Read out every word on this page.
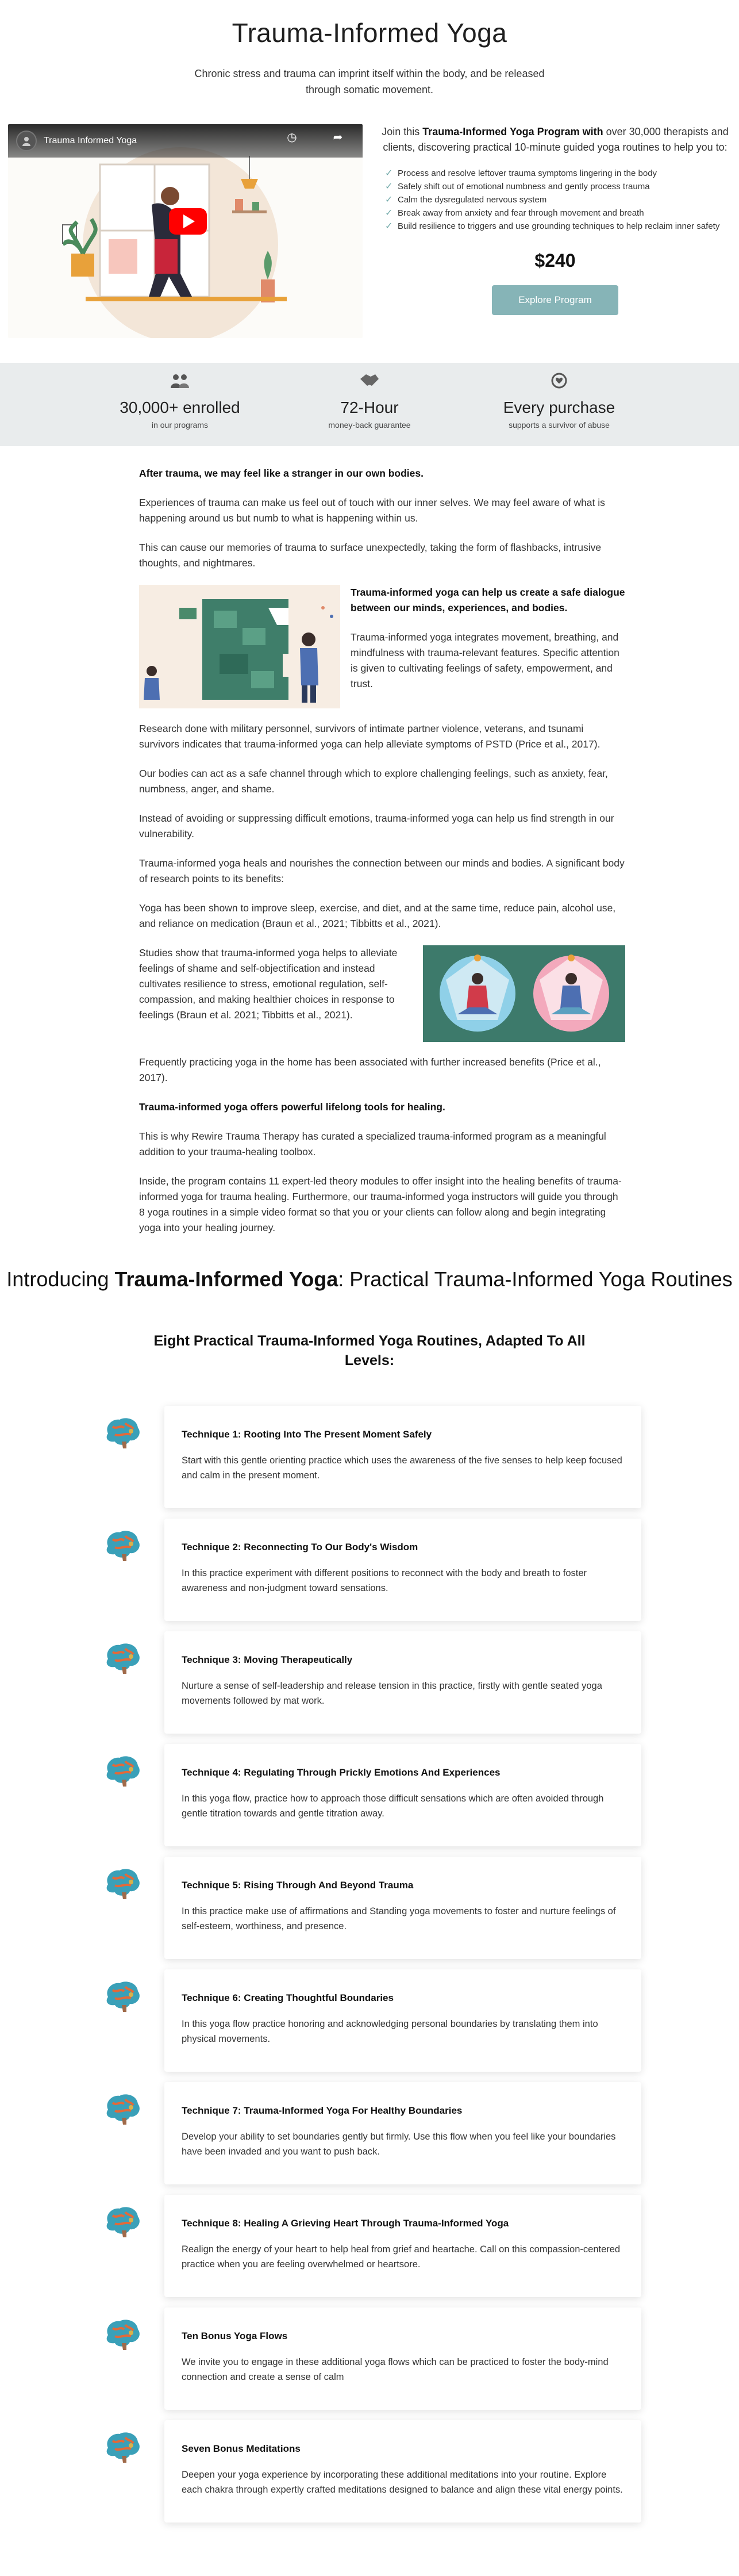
Trauma-Informed Yoga

Chronic stress and trauma can imprint itself within the body, and be released through somatic movement.

Trauma Informed Yoga	◷	➦	Join this Trauma-Informed Yoga Program with over 30,000 therapists and clients, discovering practical 10-minute guided yoga routines to help you to:

✓ Process and resolve leftover trauma symptoms lingering in the body
✓ Safely shift out of emotional numbness and gently process trauma
✓ Calm the dysregulated nervous system
✓ Break away from anxiety and fear through movement and breath
✓ Build resilience to triggers and use grounding techniques to help reclaim inner safety
$240
Explore Program
30,000+ enrolled
in our programs
72-Hour
money-back guarantee
Every purchase
supports a survivor of abuse

After trauma, we may feel like a stranger in our own bodies.

Experiences of trauma can make us feel out of touch with our inner selves. We may feel aware of what is happening around us but numb to what is happening within us.

This can cause our memories of trauma to surface unexpectedly, taking the form of flashbacks, intrusive thoughts, and nightmares.

Trauma-informed yoga can help us create a safe dialogue between our minds, experiences, and bodies.

Trauma-informed yoga integrates movement, breathing, and mindfulness with trauma-relevant features. Specific attention is given to cultivating feelings of safety, empowerment, and trust.

Research done with military personnel, survivors of intimate partner violence, veterans, and tsunami survivors indicates that trauma-informed yoga can help alleviate symptoms of PSTD (Price et al., 2017).

Our bodies can act as a safe channel through which to explore challenging feelings, such as anxiety, fear, numbness, anger, and shame.

Instead of avoiding or suppressing difficult emotions, trauma-informed yoga can help us find strength in our vulnerability.

Trauma-informed yoga heals and nourishes the connection between our minds and bodies. A significant body of research points to its benefits:

Yoga has been shown to improve sleep, exercise, and diet, and at the same time, reduce pain, alcohol use, and reliance on medication (Braun et al., 2021; Tibbitts et al., 2021).

Studies show that trauma-informed yoga helps to alleviate feelings of shame and self-objectification and instead cultivates resilience to stress, emotional regulation, self-compassion, and making healthier choices in response to feelings (Braun et al. 2021; Tibbitts et al., 2021).

Frequently practicing yoga in the home has been associated with further increased benefits (Price et al., 2017).

Trauma-informed yoga offers powerful lifelong tools for healing.

This is why Rewire Trauma Therapy has curated a specialized trauma-informed program as a meaningful addition to your trauma-healing toolbox.

Inside, the program contains 11 expert-led theory modules to offer insight into the healing benefits of trauma-informed yoga for trauma healing. Furthermore, our trauma-informed yoga instructors will guide you through 8 yoga routines in a simple video format so that you or your clients can follow along and begin integrating yoga into your healing journey.

Introducing Trauma-Informed Yoga: Practical Trauma-Informed Yoga Routines
Eight Practical Trauma-Informed Yoga Routines, Adapted To All Levels:
Technique 1: Rooting Into The Present Moment Safely

Start with this gentle orienting practice which uses the awareness of the five senses to help keep focused and calm in the present moment.

Technique 2: Reconnecting To Our Body's Wisdom

In this practice experiment with different positions to reconnect with the body and breath to foster awareness and non-judgment toward sensations.

Technique 3: Moving Therapeutically

Nurture a sense of self-leadership and release tension in this practice, firstly with gentle seated yoga movements followed by mat work.

Technique 4: Regulating Through Prickly Emotions And Experiences

In this yoga flow, practice how to approach those difficult sensations which are often avoided through gentle titration towards and gentle titration away.

Technique 5: Rising Through And Beyond Trauma

In this practice make use of affirmations and Standing yoga movements to foster and nurture feelings of self-esteem, worthiness, and presence.

Technique 6: Creating Thoughtful Boundaries

In this yoga flow practice honoring and acknowledging personal boundaries by translating them into physical movements.

Technique 7: Trauma-Informed Yoga For Healthy Boundaries

Develop your ability to set boundaries gently but firmly. Use this flow when you feel like your boundaries have been invaded and you want to push back.

Technique 8: Healing A Grieving Heart Through Trauma-Informed Yoga

Realign the energy of your heart to help heal from grief and heartache. Call on this compassion-centered practice when you are feeling overwhelmed or heartsore.

Ten Bonus Yoga Flows

We invite you to engage in these additional yoga flows which can be practiced to foster the body-mind connection and create a sense of calm

Seven Bonus Meditations

Deepen your yoga experience by incorporating these additional meditations into your routine. Explore each chakra through expertly crafted meditations designed to balance and align these vital energy points.
